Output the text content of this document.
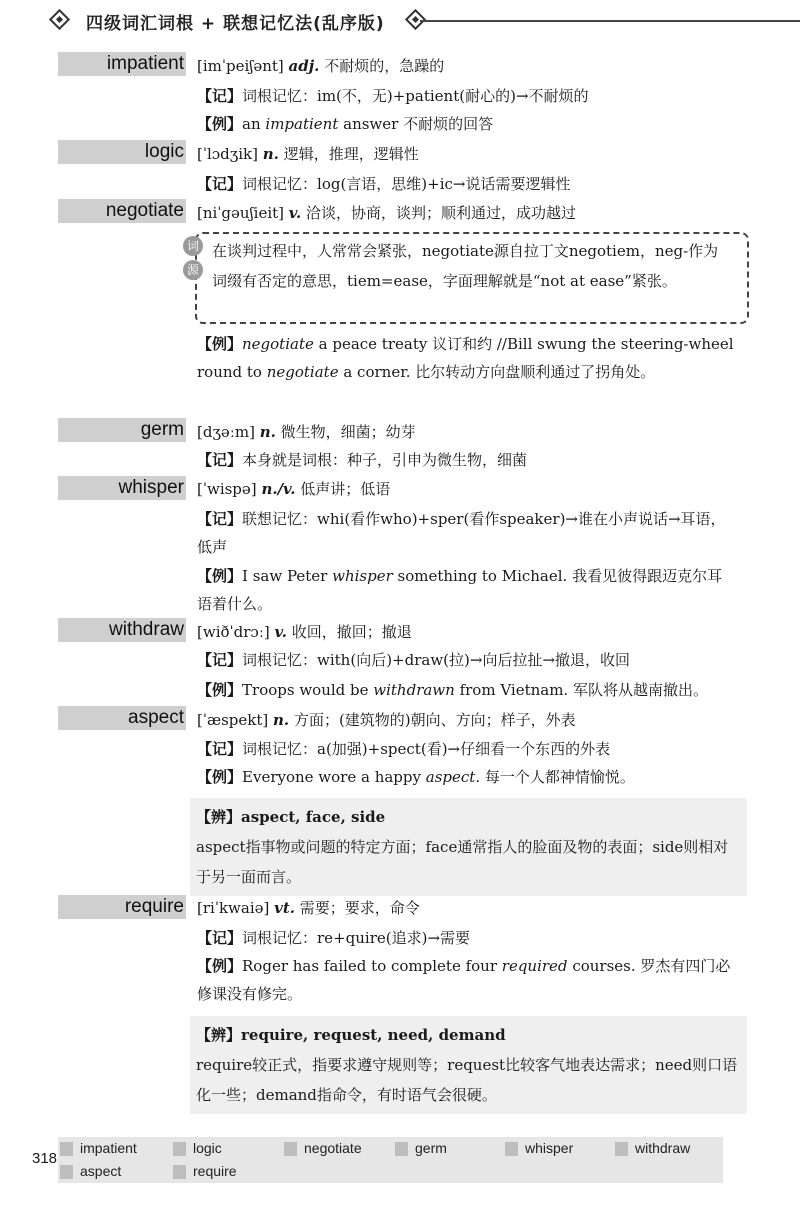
四级词汇词根 + 联想记忆法(乱序版)
impatient [imˈpeiʃənt] adj. 不耐烦的，急躁的
【记】词根记忆：im(不，无)+patient(耐心的)→不耐烦的
【例】an impatient answer 不耐烦的回答
logic [ˈlɔdʒik] n. 逻辑，推理，逻辑性
【记】词根记忆：log(言语，思维)+ic→说话需要逻辑性
negotiate [niˈgəuʃieit] v. 洽谈，协商，谈判；顺利通过，成功越过
词
源
在谈判过程中，人常常会紧张，negotiate源自拉丁文negotiem，neg-作为词缀有否定的意思，tiem=ease，字面理解就是“not at ease”紧张。
【例】negotiate a peace treaty 议订和约 //Bill swung the steering-wheel round to negotiate a corner. 比尔转动方向盘顺利通过了拐角处。
germ [dʒəːm] n. 微生物，细菌；幼芽
【记】本身就是词根：种子，引申为微生物，细菌
whisper [ˈwispə] n./v. 低声讲；低语
【记】联想记忆：whi(看作who)+sper(看作speaker)→谁在小声说话→耳语，低声
【例】I saw Peter whisper something to Michael. 我看见彼得跟迈克尔耳语着什么。
withdraw [wiðˈdrɔː] v. 收回，撤回；撤退
【记】词根记忆：with(向后)+draw(拉)→向后拉扯→撤退，收回
【例】Troops would be withdrawn from Vietnam. 军队将从越南撤出。
aspect [ˈæspekt] n. 方面；(建筑物的)朝向、方向；样子，外表
【记】词根记忆：a(加强)+spect(看)→仔细看一个东西的外表
【例】Everyone wore a happy aspect. 每一个人都神情愉悦。
【辨】aspect, face, side
aspect指事物或问题的特定方面；face通常指人的脸面及物的表面；side则相对于另一面而言。
require [riˈkwaiə] vt. 需要；要求，命令
【记】词根记忆：re+quire(追求)→需要
【例】Roger has failed to complete four required courses. 罗杰有四门必修课没有修完。
【辨】require, request, need, demand
require较正式，指要求遵守规则等；request比较客气地表达需求；need则口语化一些；demand指命令，有时语气会很硬。
318
impatient	logic	negotiate	germ	whisper	withdraw
aspect	require
